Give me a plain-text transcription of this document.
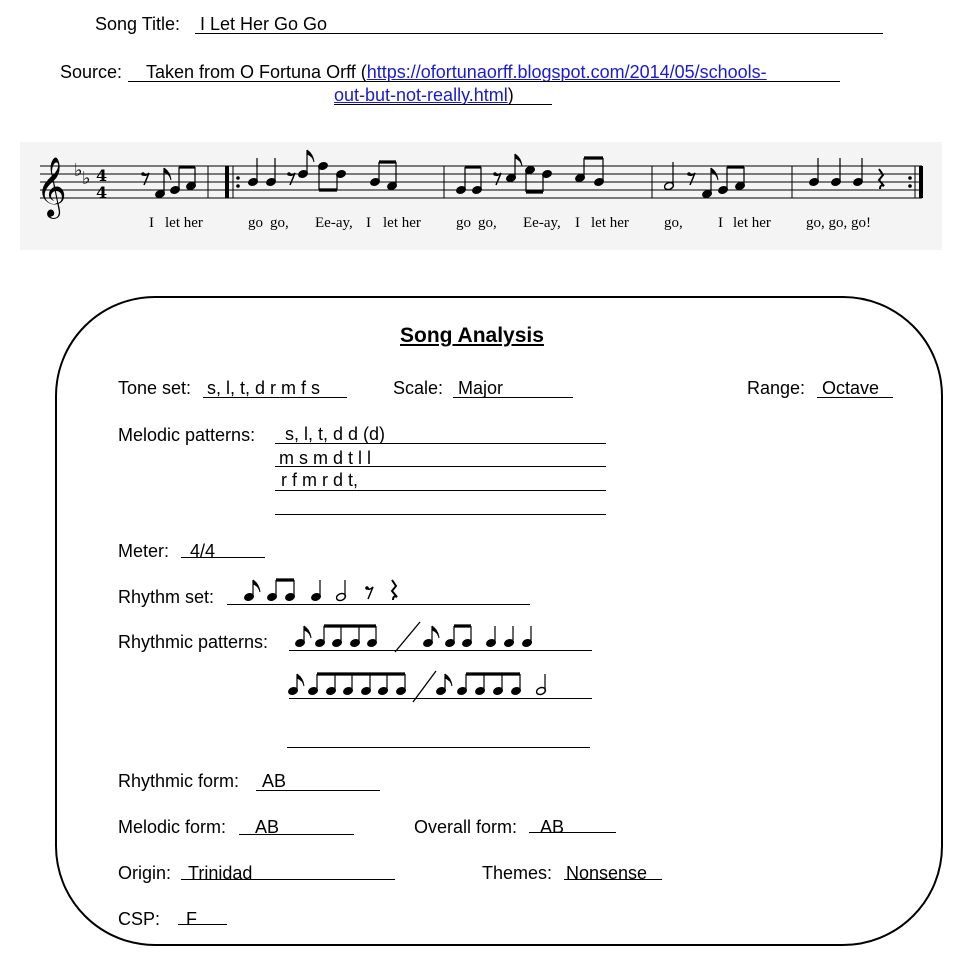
Song Title: I Let Her Go Go
Source: Taken from O Fortuna Orff (https://ofortunaorff.blogspot.com/2014/05/schools-
out-but-not-really.html)
𝄞 ♭ ♭ 4
4
I let her	go go, Ee-ay, I let her go go, Ee-ay, I let her go, I let her go, go, go!
Song Analysis
Tone set: s, l, t, d r m f s	Scale: Major	Range: Octave
Melodic patterns: s, l, t, d d (d)
m s m d t l l
r f m r d t,
Meter: 4/4
Rhythm set:
Rhythmic patterns:
Rhythmic form: AB
Melodic form: AB	Overall form: AB
Origin: Trinidad	Themes: Nonsense
CSP: F
